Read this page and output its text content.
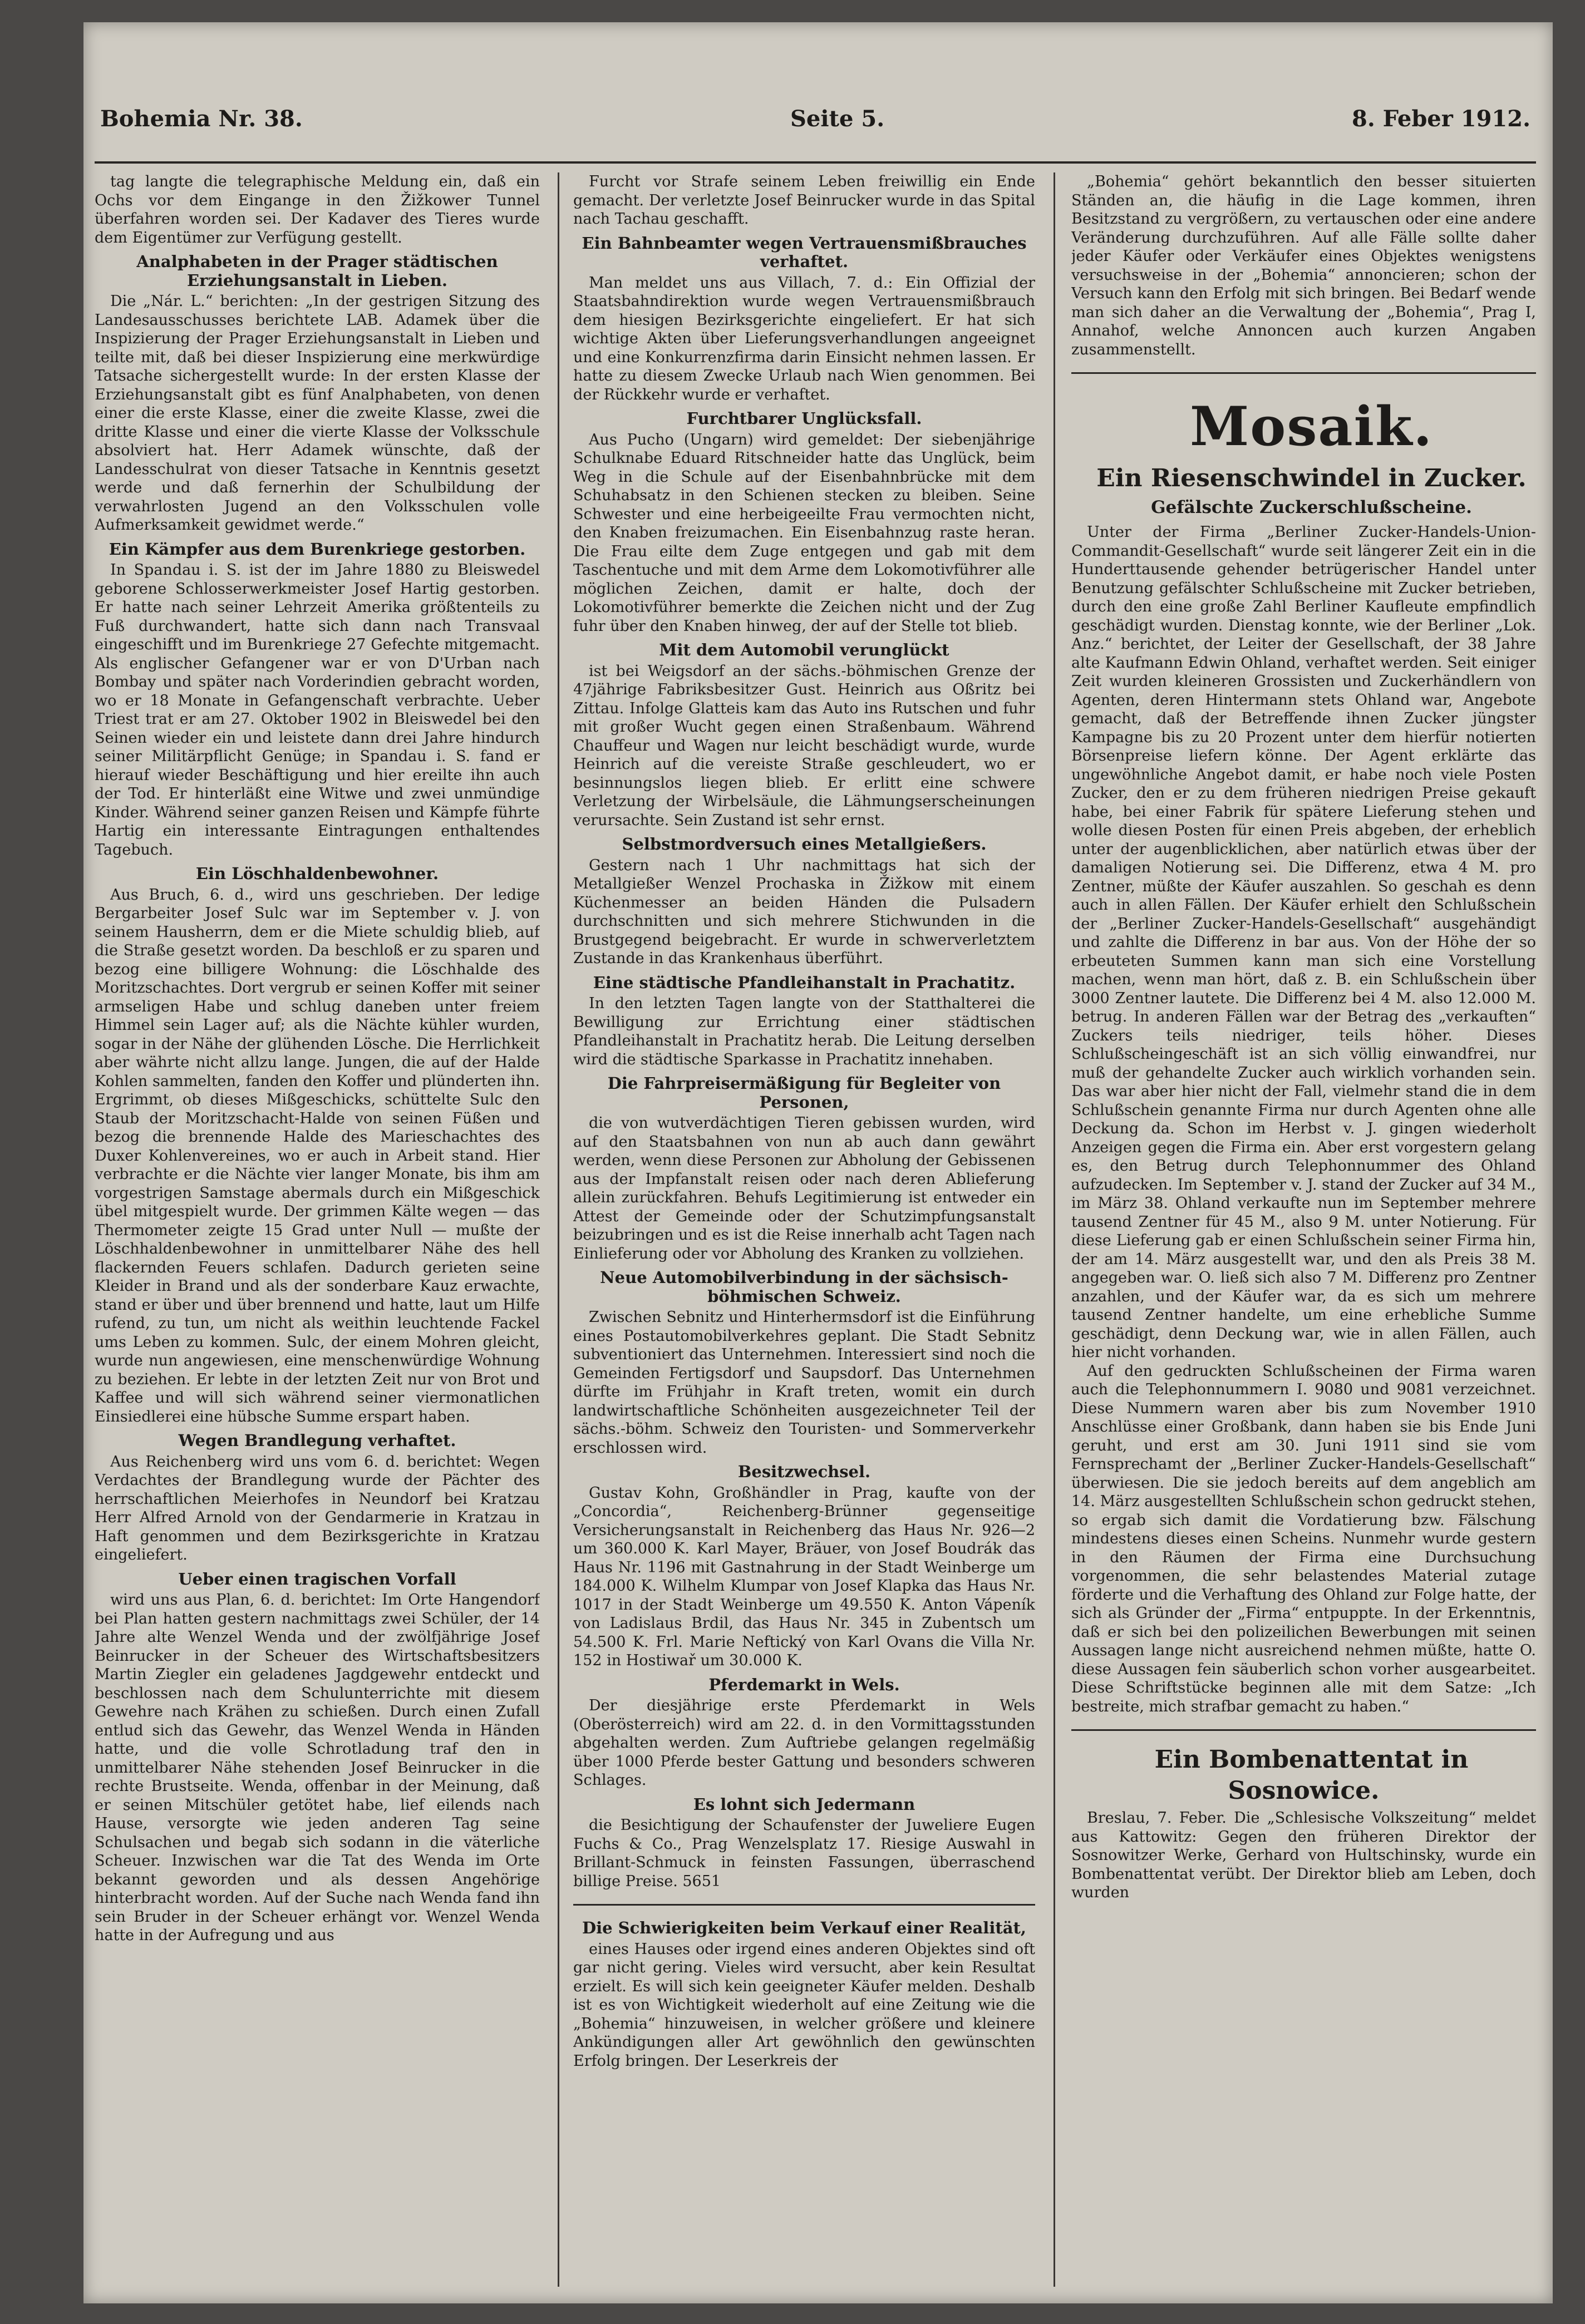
Bohemia Nr. 38.	Seite 5.	8. Feber 1912.

tag langte die telegraphische Meldung ein, daß ein Ochs vor dem Eingange in den Žižkower Tunnel überfahren worden sei. Der Kadaver des Tieres wurde dem Eigentümer zur Verfügung gestellt.

Analphabeten in der Prager städtischen Erziehungsanstalt in Lieben.

Die „Nár. L.“ berichten: „In der gestrigen Sitzung des Landesausschusses berichtete LAB. Adamek über die Inspizierung der Prager Erziehungsanstalt in Lieben und teilte mit, daß bei dieser Inspizierung eine merkwürdige Tatsache sichergestellt wurde: In der ersten Klasse der Erziehungsanstalt gibt es fünf Analphabeten, von denen einer die erste Klasse, einer die zweite Klasse, zwei die dritte Klasse und einer die vierte Klasse der Volksschule absolviert hat. Herr Adamek wünschte, daß der Landesschulrat von dieser Tatsache in Kenntnis gesetzt werde und daß fernerhin der Schulbildung der verwahrlosten Jugend an den Volksschulen volle Aufmerksamkeit gewidmet werde.“

Ein Kämpfer aus dem Burenkriege gestorben.

In Spandau i. S. ist der im Jahre 1880 zu Bleiswedel geborene Schlosserwerkmeister Josef Hartig gestorben. Er hatte nach seiner Lehrzeit Amerika größtenteils zu Fuß durchwandert, hatte sich dann nach Transvaal eingeschifft und im Burenkriege 27 Gefechte mitgemacht. Als englischer Gefangener war er von D'Urban nach Bombay und später nach Vorderindien gebracht worden, wo er 18 Monate in Gefangenschaft verbrachte. Ueber Triest trat er am 27. Oktober 1902 in Bleiswedel bei den Seinen wieder ein und leistete dann drei Jahre hindurch seiner Militärpflicht Genüge; in Spandau i. S. fand er hierauf wieder Beschäftigung und hier ereilte ihn auch der Tod. Er hinterläßt eine Witwe und zwei unmündige Kinder. Während seiner ganzen Reisen und Kämpfe führte Hartig ein interessante Eintragungen enthaltendes Tagebuch.

Ein Löschhaldenbewohner.

Aus Bruch, 6. d., wird uns geschrieben. Der ledige Bergarbeiter Josef Sulc war im September v. J. von seinem Hausherrn, dem er die Miete schuldig blieb, auf die Straße gesetzt worden. Da beschloß er zu sparen und bezog eine billigere Wohnung: die Löschhalde des Moritzschachtes. Dort vergrub er seinen Koffer mit seiner armseligen Habe und schlug daneben unter freiem Himmel sein Lager auf; als die Nächte kühler wurden, sogar in der Nähe der glühenden Lösche. Die Herrlichkeit aber währte nicht allzu lange. Jungen, die auf der Halde Kohlen sammelten, fanden den Koffer und plünderten ihn. Ergrimmt, ob dieses Mißgeschicks, schüttelte Sulc den Staub der Moritzschacht-Halde von seinen Füßen und bezog die brennende Halde des Marieschachtes des Duxer Kohlenvereines, wo er auch in Arbeit stand. Hier verbrachte er die Nächte vier langer Monate, bis ihm am vorgestrigen Samstage abermals durch ein Mißgeschick übel mitgespielt wurde. Der grimmen Kälte wegen — das Thermometer zeigte 15 Grad unter Null — mußte der Löschhaldenbewohner in unmittelbarer Nähe des hell flackernden Feuers schlafen. Dadurch gerieten seine Kleider in Brand und als der sonderbare Kauz erwachte, stand er über und über brennend und hatte, laut um Hilfe rufend, zu tun, um nicht als weithin leuchtende Fackel ums Leben zu kommen. Sulc, der einem Mohren gleicht, wurde nun angewiesen, eine menschenwürdige Wohnung zu beziehen. Er lebte in der letzten Zeit nur von Brot und Kaffee und will sich während seiner viermonatlichen Einsiedlerei eine hübsche Summe erspart haben.

Wegen Brandlegung verhaftet.

Aus Reichenberg wird uns vom 6. d. berichtet: Wegen Verdachtes der Brandlegung wurde der Pächter des herrschaftlichen Meierhofes in Neundorf bei Kratzau Herr Alfred Arnold von der Gendarmerie in Kratzau in Haft genommen und dem Bezirksgerichte in Kratzau eingeliefert.

Ueber einen tragischen Vorfall

wird uns aus Plan, 6. d. berichtet: Im Orte Hangendorf bei Plan hatten gestern nachmittags zwei Schüler, der 14 Jahre alte Wenzel Wenda und der zwölfjährige Josef Beinrucker in der Scheuer des Wirtschaftsbesitzers Martin Ziegler ein geladenes Jagdgewehr entdeckt und beschlossen nach dem Schulunterrichte mit diesem Gewehre nach Krähen zu schießen. Durch einen Zufall entlud sich das Gewehr, das Wenzel Wenda in Händen hatte, und die volle Schrotladung traf den in unmittelbarer Nähe stehenden Josef Beinrucker in die rechte Brustseite. Wenda, offenbar in der Meinung, daß er seinen Mitschüler getötet habe, lief eilends nach Hause, versorgte wie jeden anderen Tag seine Schulsachen und begab sich sodann in die väterliche Scheuer. Inzwischen war die Tat des Wenda im Orte bekannt geworden und als dessen Angehörige hinterbracht worden. Auf der Suche nach Wenda fand ihn sein Bruder in der Scheuer erhängt vor. Wenzel Wenda hatte in der Aufregung und aus

Furcht vor Strafe seinem Leben freiwillig ein Ende gemacht. Der verletzte Josef Beinrucker wurde in das Spital nach Tachau geschafft.

Ein Bahnbeamter wegen Vertrauensmißbrauches verhaftet.

Man meldet uns aus Villach, 7. d.: Ein Offizial der Staatsbahndirektion wurde wegen Vertrauensmißbrauch dem hiesigen Bezirksgerichte eingeliefert. Er hat sich wichtige Akten über Lieferungsverhandlungen angeeignet und eine Konkurrenzfirma darin Einsicht nehmen lassen. Er hatte zu diesem Zwecke Urlaub nach Wien genommen. Bei der Rückkehr wurde er verhaftet.

Furchtbarer Unglücksfall.

Aus Pucho (Ungarn) wird gemeldet: Der siebenjährige Schulknabe Eduard Ritschneider hatte das Unglück, beim Weg in die Schule auf der Eisenbahnbrücke mit dem Schuhabsatz in den Schienen stecken zu bleiben. Seine Schwester und eine herbeigeeilte Frau vermochten nicht, den Knaben freizumachen. Ein Eisenbahnzug raste heran. Die Frau eilte dem Zuge entgegen und gab mit dem Taschentuche und mit dem Arme dem Lokomotivführer alle möglichen Zeichen, damit er halte, doch der Lokomotivführer bemerkte die Zeichen nicht und der Zug fuhr über den Knaben hinweg, der auf der Stelle tot blieb.

Mit dem Automobil verunglückt

ist bei Weigsdorf an der sächs.-böhmischen Grenze der 47jährige Fabriksbesitzer Gust. Heinrich aus Oßritz bei Zittau. Infolge Glatteis kam das Auto ins Rutschen und fuhr mit großer Wucht gegen einen Straßenbaum. Während Chauffeur und Wagen nur leicht beschädigt wurde, wurde Heinrich auf die vereiste Straße geschleudert, wo er besinnungslos liegen blieb. Er erlitt eine schwere Verletzung der Wirbelsäule, die Lähmungserscheinungen verursachte. Sein Zustand ist sehr ernst.

Selbstmordversuch eines Metallgießers.

Gestern nach 1 Uhr nachmittags hat sich der Metallgießer Wenzel Prochaska in Žižkow mit einem Küchenmesser an beiden Händen die Pulsadern durchschnitten und sich mehrere Stichwunden in die Brustgegend beigebracht. Er wurde in schwerverletztem Zustande in das Krankenhaus überführt.

Eine städtische Pfandleihanstalt in Prachatitz.

In den letzten Tagen langte von der Statthalterei die Bewilligung zur Errichtung einer städtischen Pfandleihanstalt in Prachatitz herab. Die Leitung derselben wird die städtische Sparkasse in Prachatitz innehaben.

Die Fahrpreisermäßigung für Begleiter von Personen,

die von wutverdächtigen Tieren gebissen wurden, wird auf den Staatsbahnen von nun ab auch dann gewährt werden, wenn diese Personen zur Abholung der Gebissenen aus der Impfanstalt reisen oder nach deren Ablieferung allein zurückfahren. Behufs Legitimierung ist entweder ein Attest der Gemeinde oder der Schutzimpfungsanstalt beizubringen und es ist die Reise innerhalb acht Tagen nach Einlieferung oder vor Abholung des Kranken zu vollziehen.

Neue Automobilverbindung in der sächsisch-böhmischen Schweiz.

Zwischen Sebnitz und Hinterhermsdorf ist die Einführung eines Postautomobilverkehres geplant. Die Stadt Sebnitz subventioniert das Unternehmen. Interessiert sind noch die Gemeinden Fertigsdorf und Saupsdorf. Das Unternehmen dürfte im Frühjahr in Kraft treten, womit ein durch landwirtschaftliche Schönheiten ausgezeichneter Teil der sächs.-böhm. Schweiz den Touristen- und Sommerverkehr erschlossen wird.

Besitzwechsel.

Gustav Kohn, Großhändler in Prag, kaufte von der „Concordia“, Reichenberg-Brünner gegenseitige Versicherungsanstalt in Reichenberg das Haus Nr. 926—2 um 360.000 K. Karl Mayer, Bräuer, von Josef Boudrák das Haus Nr. 1196 mit Gastnahrung in der Stadt Weinberge um 184.000 K. Wilhelm Klumpar von Josef Klapka das Haus Nr. 1017 in der Stadt Weinberge um 49.550 K. Anton Vápeník von Ladislaus Brdil, das Haus Nr. 345 in Zubentsch um 54.500 K. Frl. Marie Neftický von Karl Ovans die Villa Nr. 152 in Hostiwař um 30.000 K.

Pferdemarkt in Wels.

Der diesjährige erste Pferdemarkt in Wels (Oberösterreich) wird am 22. d. in den Vormittagsstunden abgehalten werden. Zum Auftriebe gelangen regelmäßig über 1000 Pferde bester Gattung und besonders schweren Schlages.

Es lohnt sich Jedermann

die Besichtigung der Schaufenster der Juweliere Eugen Fuchs & Co., Prag Wenzelsplatz 17. Riesige Auswahl in Brillant-Schmuck in feinsten Fassungen, überraschend billige Preise. 5651

Die Schwierigkeiten beim Verkauf einer Realität,

eines Hauses oder irgend eines anderen Objektes sind oft gar nicht gering. Vieles wird versucht, aber kein Resultat erzielt. Es will sich kein geeigneter Käufer melden. Deshalb ist es von Wichtigkeit wiederholt auf eine Zeitung wie die „Bohemia“ hinzuweisen, in welcher größere und kleinere Ankündigungen aller Art gewöhnlich den gewünschten Erfolg bringen. Der Leserkreis der

„Bohemia“ gehört bekanntlich den besser situierten Ständen an, die häufig in die Lage kommen, ihren Besitzstand zu vergrößern, zu vertauschen oder eine andere Veränderung durchzuführen. Auf alle Fälle sollte daher jeder Käufer oder Verkäufer eines Objektes wenigstens versuchsweise in der „Bohemia“ annoncieren; schon der Versuch kann den Erfolg mit sich bringen. Bei Bedarf wende man sich daher an die Verwaltung der „Bohemia“, Prag I, Annahof, welche Annoncen auch kurzen Angaben zusammenstellt.

Mosaik.

Ein Riesenschwindel in Zucker.

Gefälschte Zuckerschlußscheine.

Unter der Firma „Berliner Zucker-Handels-Union-Commandit-Gesellschaft“ wurde seit längerer Zeit ein in die Hunderttausende gehender betrügerischer Handel unter Benutzung gefälschter Schlußscheine mit Zucker betrieben, durch den eine große Zahl Berliner Kaufleute empfindlich geschädigt wurden. Dienstag konnte, wie der Berliner „Lok. Anz.“ berichtet, der Leiter der Gesellschaft, der 38 Jahre alte Kaufmann Edwin Ohland, verhaftet werden. Seit einiger Zeit wurden kleineren Grossisten und Zuckerhändlern von Agenten, deren Hintermann stets Ohland war, Angebote gemacht, daß der Betreffende ihnen Zucker jüngster Kampagne bis zu 20 Prozent unter dem hierfür notierten Börsenpreise liefern könne. Der Agent erklärte das ungewöhnliche Angebot damit, er habe noch viele Posten Zucker, den er zu dem früheren niedrigen Preise gekauft habe, bei einer Fabrik für spätere Lieferung stehen und wolle diesen Posten für einen Preis abgeben, der erheblich unter der augenblicklichen, aber natürlich etwas über der damaligen Notierung sei. Die Differenz, etwa 4 M. pro Zentner, müßte der Käufer auszahlen. So geschah es denn auch in allen Fällen. Der Käufer erhielt den Schlußschein der „Berliner Zucker-Handels-Gesellschaft“ ausgehändigt und zahlte die Differenz in bar aus. Von der Höhe der so erbeuteten Summen kann man sich eine Vorstellung machen, wenn man hört, daß z. B. ein Schlußschein über 3000 Zentner lautete. Die Differenz bei 4 M. also 12.000 M. betrug. In anderen Fällen war der Betrag des „verkauften“ Zuckers teils niedriger, teils höher. Dieses Schlußscheingeschäft ist an sich völlig einwandfrei, nur muß der gehandelte Zucker auch wirklich vorhanden sein. Das war aber hier nicht der Fall, vielmehr stand die in dem Schlußschein genannte Firma nur durch Agenten ohne alle Deckung da. Schon im Herbst v. J. gingen wiederholt Anzeigen gegen die Firma ein. Aber erst vorgestern gelang es, den Betrug durch Telephonnummer des Ohland aufzudecken. Im September v. J. stand der Zucker auf 34 M., im März 38. Ohland verkaufte nun im September mehrere tausend Zentner für 45 M., also 9 M. unter Notierung. Für diese Lieferung gab er einen Schlußschein seiner Firma hin, der am 14. März ausgestellt war, und den als Preis 38 M. angegeben war. O. ließ sich also 7 M. Differenz pro Zentner anzahlen, und der Käufer war, da es sich um mehrere tausend Zentner handelte, um eine erhebliche Summe geschädigt, denn Deckung war, wie in allen Fällen, auch hier nicht vorhanden.

Auf den gedruckten Schlußscheinen der Firma waren auch die Telephonnummern I. 9080 und 9081 verzeichnet. Diese Nummern waren aber bis zum November 1910 Anschlüsse einer Großbank, dann haben sie bis Ende Juni geruht, und erst am 30. Juni 1911 sind sie vom Fernsprechamt der „Berliner Zucker-Handels-Gesellschaft“ überwiesen. Die sie jedoch bereits auf dem angeblich am 14. März ausgestellten Schlußschein schon gedruckt stehen, so ergab sich damit die Vordatierung bzw. Fälschung mindestens dieses einen Scheins. Nunmehr wurde gestern in den Räumen der Firma eine Durchsuchung vorgenommen, die sehr belastendes Material zutage förderte und die Verhaftung des Ohland zur Folge hatte, der sich als Gründer der „Firma“ entpuppte. In der Erkenntnis, daß er sich bei den polizeilichen Bewerbungen mit seinen Aussagen lange nicht ausreichend nehmen müßte, hatte O. diese Aussagen fein säuberlich schon vorher ausgearbeitet. Diese Schriftstücke beginnen alle mit dem Satze: „Ich bestreite, mich strafbar gemacht zu haben.“

Ein Bombenattentat in Sosnowice.

Breslau, 7. Feber. Die „Schlesische Volkszeitung“ meldet aus Kattowitz: Gegen den früheren Direktor der Sosnowitzer Werke, Gerhard von Hultschinsky, wurde ein Bombenattentat verübt. Der Direktor blieb am Leben, doch wurden
